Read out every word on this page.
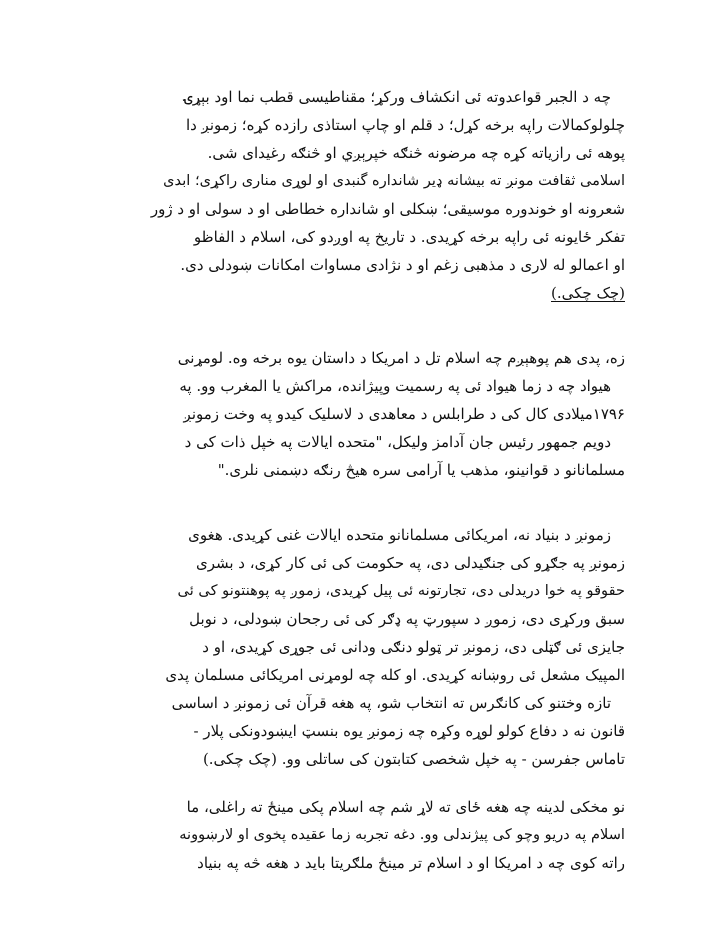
چه د الجبر قواعدوته ئی انکشاف ورکړ؛ مقناطیسی قطب نما اود بېړۍ
چلولوکمالات راپه برخه کړل؛ د قلم او چاپ استاذی رازده کړه؛ زمونږ دا
پوهه ئی رازیاته کړه چه مرضونه څنګه خپرېږي او څنګه رغیدای شی.
اسلامی ثقافت مونږ ته بیشانه ډیر شانداره گنبدی او لوړی مناری راکړی؛ ابدی
شعرونه او خوندوره موسیقی؛ ښکلی او شانداره خطاطی او د سولی او د ژور
تفکر ځایونه ئی راپه برخه کړیدی. د تاریخ په اوږدو کی، اسلام د الفاظو
او اعمالو له لاری د مذهبی زغم او د نژادی مساوات امکانات ښودلی دی.
(چک چکی.)
زه، پدی هم پوهېږم چه اسلام تل د امریکا د داستان یوه برخه وه. لومړنی
هیواد چه د زما هیواد ئی په رسمیت وپیژانده، مراکش یا المغرب وو. په
۱۷۹۶میلادی کال کی د طرابلس د معاهدی د لاسلیک کیدو په وخت زمونږ
دویم جمهور رئیس جان آدامز ولیکل، "متحده ایالات په خپل ذات کی د
مسلمانانو د قوانینو، مذهب یا آرامی سره هیڅ رنګه دښمنی نلری."
زمونږ د بنیاد نه، امریکائی مسلمانانو متحده ایالات غنی کړیدی. هغوی
زمونږ په جګړو کی جنګیدلی دی، په حکومت کی ئی کار کړی، د بشری
حقوقو په خوا دریدلی دی، تجارتونه ئی پیل کړیدی، زموږ په پوهنتونو کی ئی
سبق ورکړی دی، زموږ د سپورټ په ډګر کی ئی رجحان ښودلی، د نوبل
جایزی ئی ګټلی دی، زمونږ تر ټولو دنګی ودانی ئی جوړی کړیدی، او د
المپیک مشعل ئی روښانه کړیدی. او کله چه لومړنی امریکائی مسلمان پدی
تازه وختنو کی کانګرس ته انتخاب شو، په هغه قرآن ئی زمونږ د اساسی
قانون نه د دفاع کولو لوړه وکړه چه زمونږ یوه بنسټ ایښودونکی پلار -
تاماس جفرسن - په خپل شخصی کتابتون کی ساتلی وو. (چک چکی.)
نو مخکی لدینه چه هغه ځای ته لاړ شم چه اسلام پکی مینځ ته راغلی، ما
اسلام په دریو وچو کی پیژندلی وو. دغه تجربه زما عقیده پخوی او لارښوونه
راته کوی چه د امریکا او د اسلام تر مینځ ملګریتا باید د هغه څه په بنیاد
